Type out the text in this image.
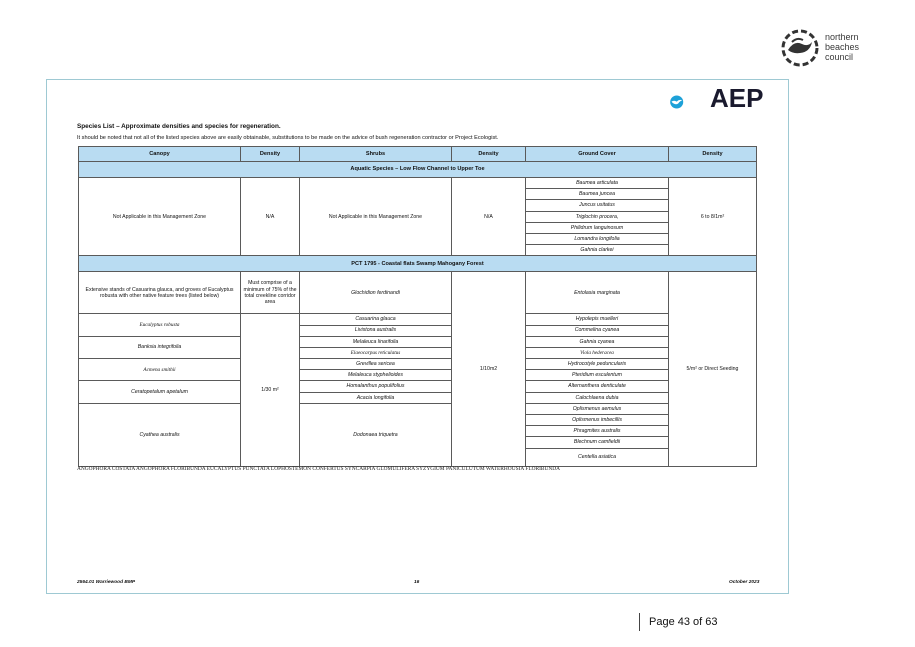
northern
beaches
council
AEP
Species List – Approximate densities and species for regeneration.
It should be noted that not all of the listed species above are easily obtainable, substitutions to be made on the advice of bush regeneration contractor or Project Ecologist.
Canopy	Density	Shrubs	Density	Ground Cover	Density
Aquatic Species – Low Flow Channel to Upper Toe					
Not Applicable in this Management Zone	N/A	Not Applicable in this Management Zone	N/A	Baumea articulata	6 to 8/1m²
				Baumea juncea	
				Juncus usitatus	
				Triglochin procera,	
				Philidrum languinosum	
				Lomandra longifolia	
				Gahnia clarkei	
PCT 1795 - Coastal flats Swamp Mahogany Forest					
Extensive stands of Casuarina glauca, and groves of Eucalyptus robusta with other native feature trees (listed below)	Must comprise of a minimum of 75% of the total creekline corridor area	Glochidion ferdinandi	1/10m2	Entolasia marginata	5/m² or Direct Seeding
Eucalyptus robusta	1/30 m²	Casuarina glauca		Hypolepis muelleri	
		Livistona australis		Commelina cyanea	
Banksia integrifolia		Melaleuca linarifolia		Gahnia cyanea	
		Elaeocarpus reticulatus		Viola hederacea	
Acmena smithii		Grevillea sericea		Hydrocotyle peduncularis	
		Melaleuca styphelioides		Pteridium esculentum	
Ceratopetalum apetalum		Homalanthus populifolius		Alternanthera denticulate	
		Acacia longifolia		Calochlaena dubia	
Cyathea australis		Dodonaea triquetra		Oplismenus aemulus	
				Oplismenus imbecillis	
				Phragmites australis	
				Blechnum camfieldii	
				Centella asiatica	
ANGOPHORA COSTATA ANGOPHORA FLORIBUNDA EUCALYPTUS PUNCTATA LOPHOSTEMON CONFERTUS SYNCARPIA GLOMULIFERA SYZYGIUM PANICULUTUM WATERHOUSIA FLORIBUNDA
2564.01 Warriewood BMP	16	October 2023
Page 43 of 63
